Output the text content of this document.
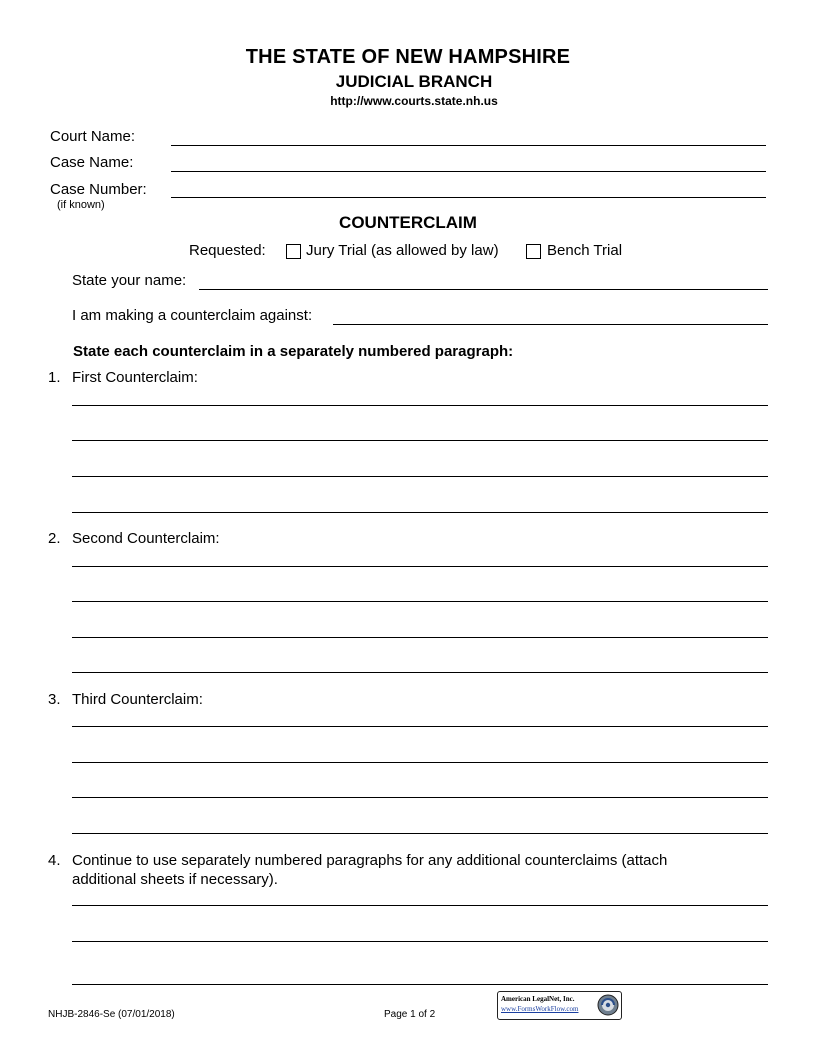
THE STATE OF NEW HAMPSHIRE
JUDICIAL BRANCH
http://www.courts.state.nh.us
Court Name:
Case Name:
Case Number:
(if known)
COUNTERCLAIM
Requested:	Jury Trial (as allowed by law)	Bench Trial
State your name:
I am making a counterclaim against:
State each counterclaim in a separately numbered paragraph:
1. First Counterclaim:
2. Second Counterclaim:
3. Third Counterclaim:
4. Continue to use separately numbered paragraphs for any additional counterclaims (attach
additional sheets if necessary).
NHJB-2846-Se (07/01/2018)	Page 1 of 2
American LegalNet, Inc.
www.FormsWorkFlow.com
